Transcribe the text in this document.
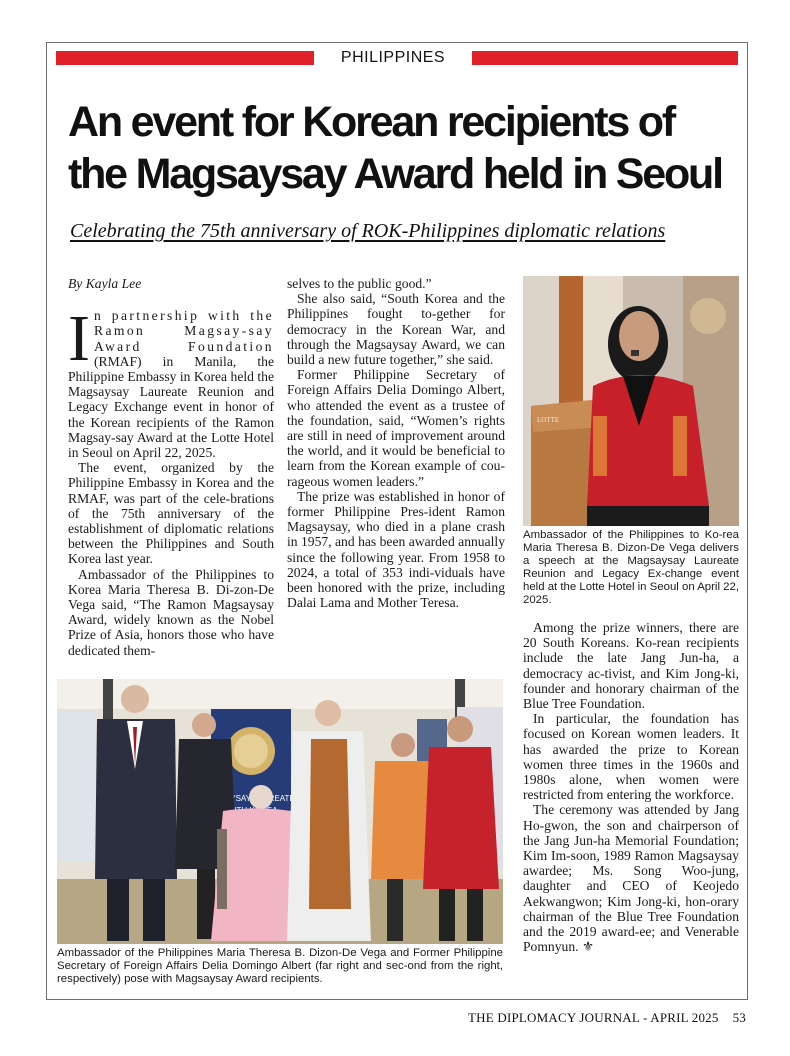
PHILIPPINES
An event for Korean recipients of
the Magsaysay Award held in Seoul
Celebrating the 75th anniversary of ROK-Philippines diplomatic relations

By Kayla Lee

In partnership with the Ramon Magsay-say Award Foundation (RMAF) in Manila, the Philippine Embassy in Korea held the Magsaysay Laureate Reunion and Legacy Exchange event in honor of the Korean recipients of the Ramon Magsay-say Award at the Lotte Hotel in Seoul on April 22, 2025.

The event, organized by the Philippine Embassy in Korea and the RMAF, was part of the cele-brations of the 75th anniversary of the establishment of diplomatic relations between the Philippines and South Korea last year.

Ambassador of the Philippines to Korea Maria Theresa B. Di-zon-De Vega said, “The Ramon Magsaysay Award, widely known as the Nobel Prize of Asia, honors those who have dedicated them-

selves to the public good.”

She also said, “South Korea and the Philippines fought to-gether for democracy in the Korean War, and through the Magsaysay Award, we can build a new future together,” she said.

Former Philippine Secretary of Foreign Affairs Delia Domingo Albert, who attended the event as a trustee of the foundation, said, “Women’s rights are still in need of improvement around the world, and it would be beneficial to learn from the Korean example of cou-rageous women leaders.”

The prize was established in honor of former Philippine Pres-ident Ramon Magsaysay, who died in a plane crash in 1957, and has been awarded annually since the following year. From 1958 to 2024, a total of 353 indi-viduals have been honored with the prize, including Dalai Lama and Mother Teresa.

LOTTE
Ambassador of the Philippines to Ko-rea Maria Theresa B. Dizon-De Vega delivers a speech at the Magsaysay Laureate Reunion and Legacy Ex-change event held at the Lotte Hotel in Seoul on April 22, 2025.

Among the prize winners, there are 20 South Koreans. Ko-rean recipients include the late Jang Jun-ha, a democracy ac-tivist, and Kim Jong-ki, founder and honorary chairman of the Blue Tree Foundation.

In particular, the foundation has focused on Korean women leaders. It has awarded the prize to Korean women three times in the 1960s and 1980s alone, when women were restricted from entering the workforce.

The ceremony was attended by Jang Ho-gwon, the son and chairperson of the Jang Jun-ha Memorial Foundation; Kim Im-soon, 1989 Ramon Magsaysay awardee; Ms. Song Woo-jung, daughter and CEO of Keojedo Aekwangwon; Kim Jong-ki, hon-orary chairman of the Blue Tree Foundation and the 2019 award-ee; and Venerable Pomnyun. ⚜

LAUREATES
Ambassador of the Philippines Maria Theresa B. Dizon-De Vega and Former Philippine Secretary of Foreign Affairs Delia Domingo Albert (far right and sec-ond from the right, respectively) pose with Magsaysay Award recipients.
THE DIPLOMACY JOURNAL - APRIL 2025 53
